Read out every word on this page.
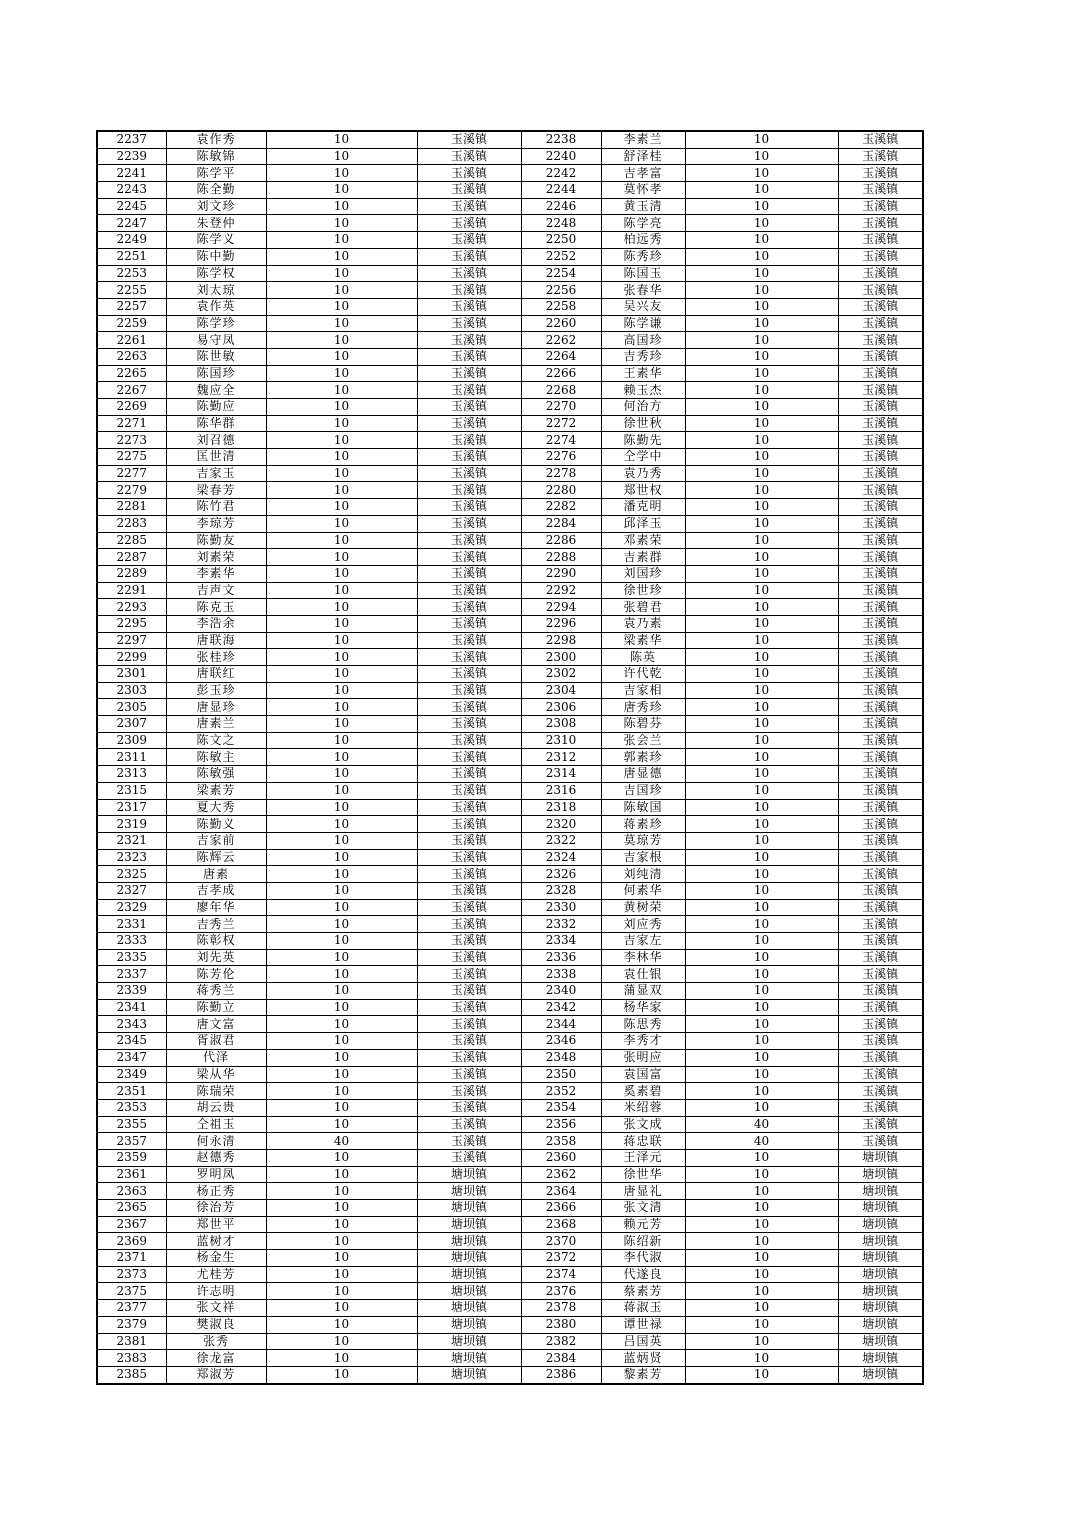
2237	袁作秀	10	玉溪镇	2238	李素兰	10	玉溪镇
2239	陈敏锦	10	玉溪镇	2240	舒泽桂	10	玉溪镇
2241	陈学平	10	玉溪镇	2242	吉孝富	10	玉溪镇
2243	陈全勤	10	玉溪镇	2244	莫怀孝	10	玉溪镇
2245	刘文珍	10	玉溪镇	2246	黄玉清	10	玉溪镇
2247	朱登仲	10	玉溪镇	2248	陈学亮	10	玉溪镇
2249	陈学义	10	玉溪镇	2250	柏远秀	10	玉溪镇
2251	陈中勤	10	玉溪镇	2252	陈秀珍	10	玉溪镇
2253	陈学权	10	玉溪镇	2254	陈国玉	10	玉溪镇
2255	刘太琼	10	玉溪镇	2256	张春华	10	玉溪镇
2257	袁作英	10	玉溪镇	2258	吴兴友	10	玉溪镇
2259	陈学珍	10	玉溪镇	2260	陈学谦	10	玉溪镇
2261	易守凤	10	玉溪镇	2262	高国珍	10	玉溪镇
2263	陈世敏	10	玉溪镇	2264	吉秀珍	10	玉溪镇
2265	陈国珍	10	玉溪镇	2266	王素华	10	玉溪镇
2267	魏应全	10	玉溪镇	2268	赖玉杰	10	玉溪镇
2269	陈勤应	10	玉溪镇	2270	何治方	10	玉溪镇
2271	陈华群	10	玉溪镇	2272	徐世秋	10	玉溪镇
2273	刘召德	10	玉溪镇	2274	陈勤先	10	玉溪镇
2275	匡世清	10	玉溪镇	2276	仝学中	10	玉溪镇
2277	吉家玉	10	玉溪镇	2278	袁乃秀	10	玉溪镇
2279	梁春芳	10	玉溪镇	2280	郑世权	10	玉溪镇
2281	陈竹君	10	玉溪镇	2282	潘克明	10	玉溪镇
2283	李琼芳	10	玉溪镇	2284	邱泽玉	10	玉溪镇
2285	陈勤友	10	玉溪镇	2286	邓素荣	10	玉溪镇
2287	刘素荣	10	玉溪镇	2288	吉素群	10	玉溪镇
2289	李素华	10	玉溪镇	2290	刘国珍	10	玉溪镇
2291	吉声文	10	玉溪镇	2292	徐世珍	10	玉溪镇
2293	陈克玉	10	玉溪镇	2294	张碧君	10	玉溪镇
2295	李浩余	10	玉溪镇	2296	袁乃素	10	玉溪镇
2297	唐联海	10	玉溪镇	2298	梁素华	10	玉溪镇
2299	张桂珍	10	玉溪镇	2300	陈英	10	玉溪镇
2301	唐联红	10	玉溪镇	2302	许代乾	10	玉溪镇
2303	彭玉珍	10	玉溪镇	2304	吉家相	10	玉溪镇
2305	唐显珍	10	玉溪镇	2306	唐秀珍	10	玉溪镇
2307	唐素兰	10	玉溪镇	2308	陈碧芬	10	玉溪镇
2309	陈文之	10	玉溪镇	2310	张会兰	10	玉溪镇
2311	陈敏主	10	玉溪镇	2312	郭素珍	10	玉溪镇
2313	陈敏强	10	玉溪镇	2314	唐显德	10	玉溪镇
2315	梁素芳	10	玉溪镇	2316	吉国珍	10	玉溪镇
2317	夏大秀	10	玉溪镇	2318	陈敏国	10	玉溪镇
2319	陈勤义	10	玉溪镇	2320	蒋素珍	10	玉溪镇
2321	吉家前	10	玉溪镇	2322	莫琼芳	10	玉溪镇
2323	陈辉云	10	玉溪镇	2324	吉家根	10	玉溪镇
2325	唐素	10	玉溪镇	2326	刘纯清	10	玉溪镇
2327	吉孝成	10	玉溪镇	2328	何素华	10	玉溪镇
2329	廖年华	10	玉溪镇	2330	黄树荣	10	玉溪镇
2331	吉秀兰	10	玉溪镇	2332	刘应秀	10	玉溪镇
2333	陈彰权	10	玉溪镇	2334	吉家左	10	玉溪镇
2335	刘先英	10	玉溪镇	2336	李林华	10	玉溪镇
2337	陈芳伦	10	玉溪镇	2338	袁仕银	10	玉溪镇
2339	蒋秀兰	10	玉溪镇	2340	蒲显双	10	玉溪镇
2341	陈勤立	10	玉溪镇	2342	杨华家	10	玉溪镇
2343	唐文富	10	玉溪镇	2344	陈思秀	10	玉溪镇
2345	胥淑君	10	玉溪镇	2346	李秀才	10	玉溪镇
2347	代泽	10	玉溪镇	2348	张明应	10	玉溪镇
2349	梁从华	10	玉溪镇	2350	袁国富	10	玉溪镇
2351	陈瑞荣	10	玉溪镇	2352	奚素碧	10	玉溪镇
2353	胡云贵	10	玉溪镇	2354	米绍蓉	10	玉溪镇
2355	仝祖玉	10	玉溪镇	2356	张文成	40	玉溪镇
2357	何永清	40	玉溪镇	2358	蒋忠联	40	玉溪镇
2359	赵德秀	10	玉溪镇	2360	王泽元	10	塘坝镇
2361	罗明凤	10	塘坝镇	2362	徐世华	10	塘坝镇
2363	杨正秀	10	塘坝镇	2364	唐显礼	10	塘坝镇
2365	徐治芳	10	塘坝镇	2366	张文清	10	塘坝镇
2367	郑世平	10	塘坝镇	2368	赖元芳	10	塘坝镇
2369	蓝树才	10	塘坝镇	2370	陈绍新	10	塘坝镇
2371	杨金生	10	塘坝镇	2372	李代淑	10	塘坝镇
2373	尤桂芳	10	塘坝镇	2374	代遂良	10	塘坝镇
2375	许志明	10	塘坝镇	2376	蔡素芳	10	塘坝镇
2377	张文祥	10	塘坝镇	2378	蒋淑玉	10	塘坝镇
2379	樊淑良	10	塘坝镇	2380	谭世禄	10	塘坝镇
2381	张秀	10	塘坝镇	2382	吕国英	10	塘坝镇
2383	徐龙富	10	塘坝镇	2384	蓝炳贤	10	塘坝镇
2385	郑淑芳	10	塘坝镇	2386	黎素芳	10	塘坝镇
